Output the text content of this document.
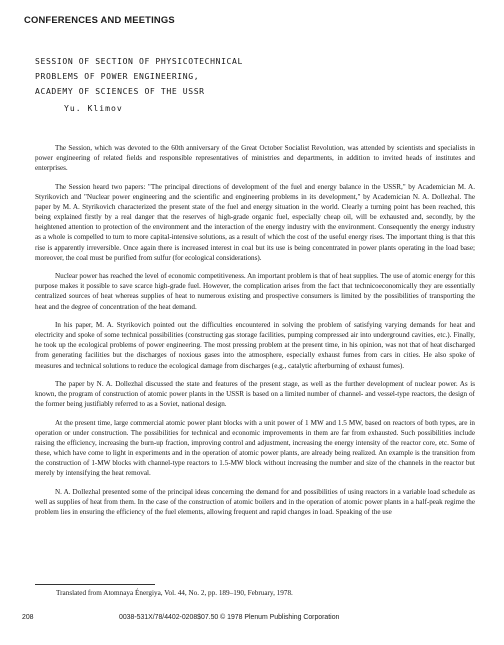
CONFERENCES AND MEETINGS
SESSION OF SECTION OF PHYSICOTECHNICAL
PROBLEMS OF POWER ENGINEERING,
ACADEMY OF SCIENCES OF THE USSR
Yu. Klimov

The Session, which was devoted to the 60th anniversary of the Great October Socialist Revolution, was attended by scientists and specialists in power engineering of related fields and responsible representatives of ministries and departments, in addition to invited heads of institutes and enterprises.

The Session heard two papers: "The principal directions of development of the fuel and energy balance in the USSR," by Academician M. A. Styrikovich and "Nuclear power engineering and the scientific and engineering problems in its development," by Academician N. A. Dollezhal. The paper by M. A. Styrikovich characterized the present state of the fuel and energy situation in the world. Clearly a turning point has been reached, this being explained firstly by a real danger that the reserves of high-grade organic fuel, especially cheap oil, will be exhausted and, secondly, by the heightened attention to protection of the environment and the interaction of the energy industry with the environment. Consequently the energy industry as a whole is compelled to turn to more capital-intensive solutions, as a result of which the cost of the useful energy rises. The important thing is that this rise is apparently irreversible. Once again there is increased interest in coal but its use is being concentrated in power plants operating in the load base; moreover, the coal must be purified from sulfur (for ecological considerations).

Nuclear power has reached the level of economic competitiveness. An important problem is that of heat supplies. The use of atomic energy for this purpose makes it possible to save scarce high-grade fuel. However, the complication arises from the fact that technicoeconomically they are essentially centralized sources of heat whereas supplies of heat to numerous existing and prospective consumers is limited by the possibilities of transporting the heat and the degree of concentration of the heat demand.

In his paper, M. A. Styrikovich pointed out the difficulties encountered in solving the problem of satisfying varying demands for heat and electricity and spoke of some technical possibilities (constructing gas storage facilities, pumping compressed air into underground cavities, etc.). Finally, he took up the ecological problems of power engineering. The most pressing problem at the present time, in his opinion, was not that of heat discharged from generating facilities but the discharges of noxious gases into the atmosphere, especially exhaust fumes from cars in cities. He also spoke of measures and technical solutions to reduce the ecological damage from discharges (e.g., catalytic afterburning of exhaust fumes).

The paper by N. A. Dollezhal discussed the state and features of the present stage, as well as the further development of nuclear power. As is known, the program of construction of atomic power plants in the USSR is based on a limited number of channel- and vessel-type reactors, the design of the former being justifiably referred to as a Soviet, national design.

At the present time, large commercial atomic power plant blocks with a unit power of 1 MW and 1.5 MW, based on reactors of both types, are in operation or under construction. The possibilities for technical and economic improvements in them are far from exhausted. Such possibilities include raising the efficiency, increasing the burn-up fraction, improving control and adjustment, increasing the energy intensity of the reactor core, etc. Some of these, which have come to light in experiments and in the operation of atomic power plants, are already being realized. An example is the transition from the construction of 1-MW blocks with channel-type reactors to 1.5-MW block without increasing the number and size of the channels in the reactor but merely by intensifying the heat removal.

N. A. Dollezhal presented some of the principal ideas concerning the demand for and possibilities of using reactors in a variable load schedule as well as supplies of heat from them. In the case of the construction of atomic boilers and in the operation of atomic power plants in a half-peak regime the problem lies in ensuring the efficiency of the fuel elements, allowing frequent and rapid changes in load. Speaking of the use

Translated from Atomnaya Énergiya, Vol. 44, No. 2, pp. 189–190, February, 1978.
208	0038-531X/78/4402-0208$07.50 © 1978 Plenum Publishing Corporation
